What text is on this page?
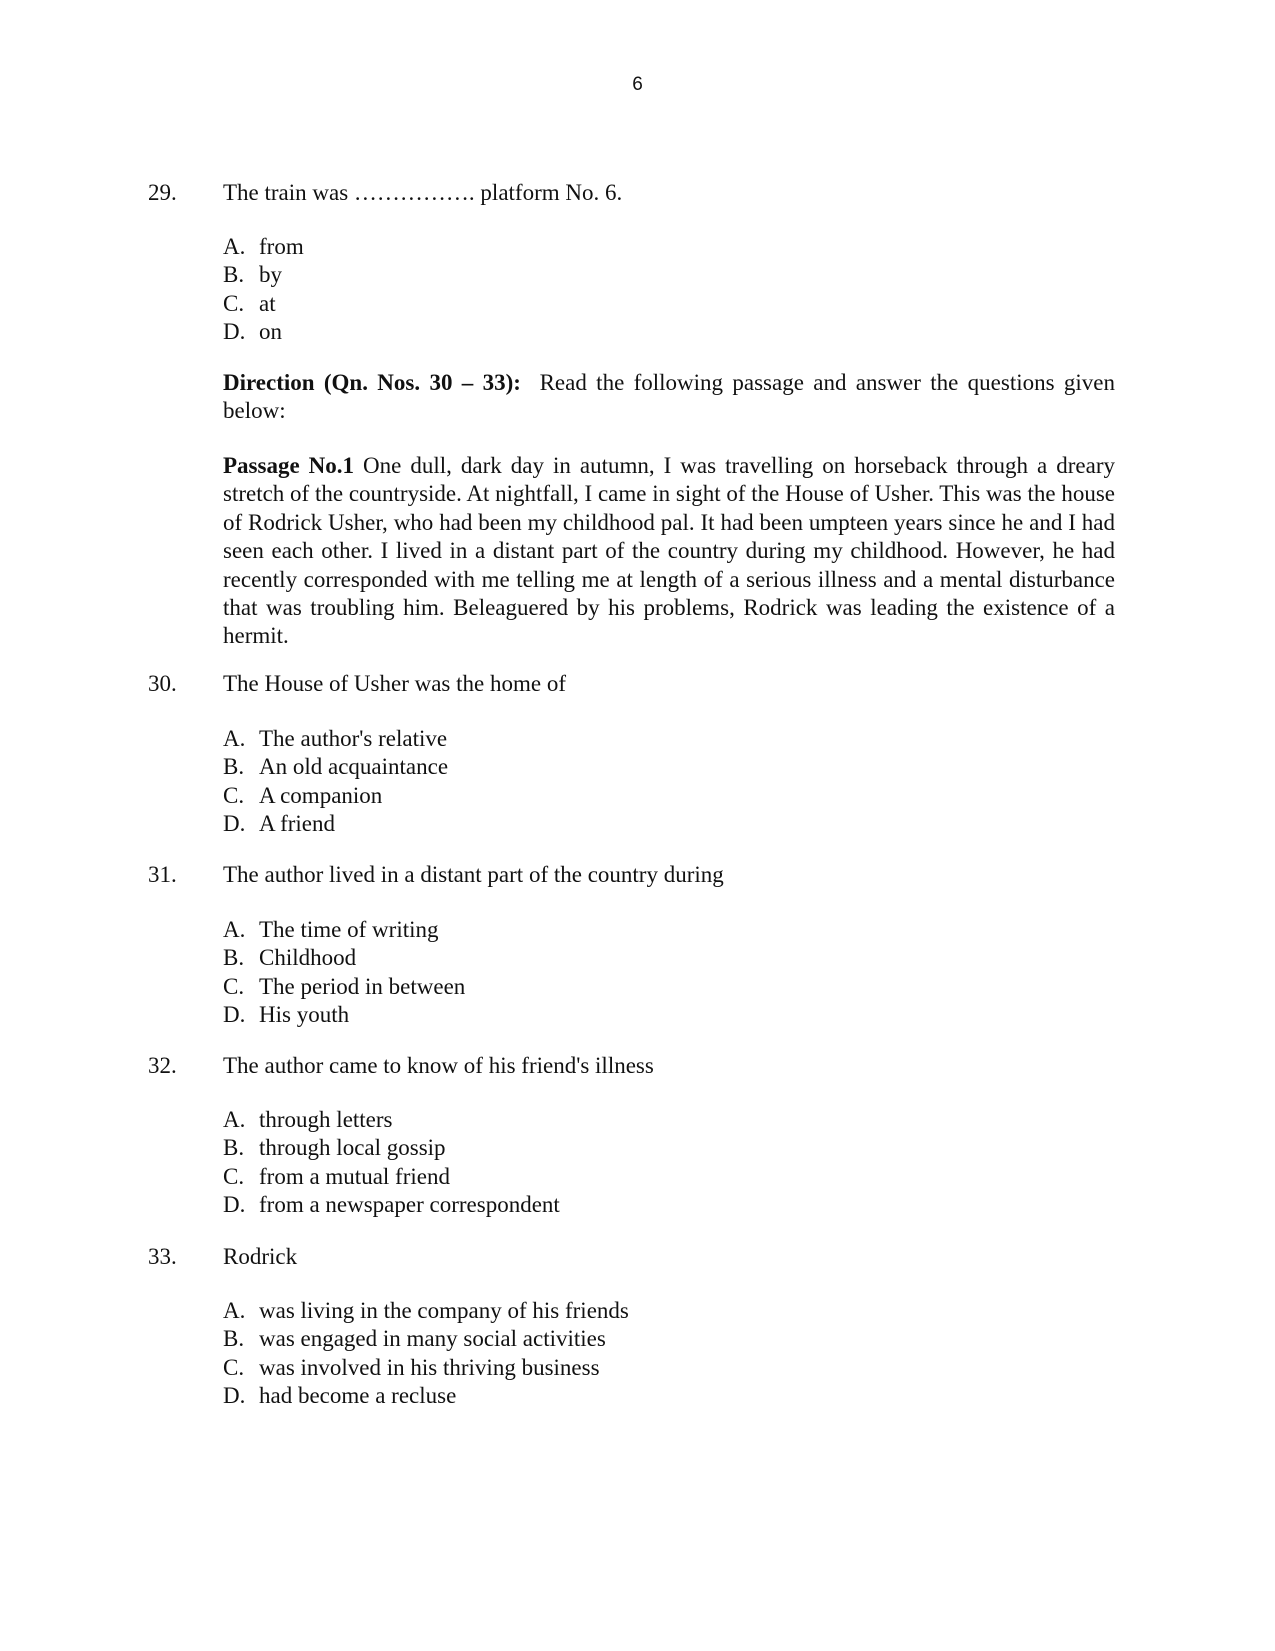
6
29. The train was ……………. platform No. 6.
A. from
B. by
C. at
D. on

Direction (Qn. Nos. 30 – 33): Read the following passage and answer the questions given below:

Passage No.1 One dull, dark day in autumn, I was travelling on horseback through a dreary stretch of the countryside. At nightfall, I came in sight of the House of Usher. This was the house of Rodrick Usher, who had been my childhood pal. It had been umpteen years since he and I had seen each other. I lived in a distant part of the country during my childhood. However, he had recently corresponded with me telling me at length of a serious illness and a mental disturbance that was troubling him. Beleaguered by his problems, Rodrick was leading the existence of a hermit.

30. The House of Usher was the home of
A. The author's relative
B. An old acquaintance
C. A companion
D. A friend
31. The author lived in a distant part of the country during
A. The time of writing
B. Childhood
C. The period in between
D. His youth
32. The author came to know of his friend's illness
A. through letters
B. through local gossip
C. from a mutual friend
D. from a newspaper correspondent
33. Rodrick
A. was living in the company of his friends
B. was engaged in many social activities
C. was involved in his thriving business
D. had become a recluse
